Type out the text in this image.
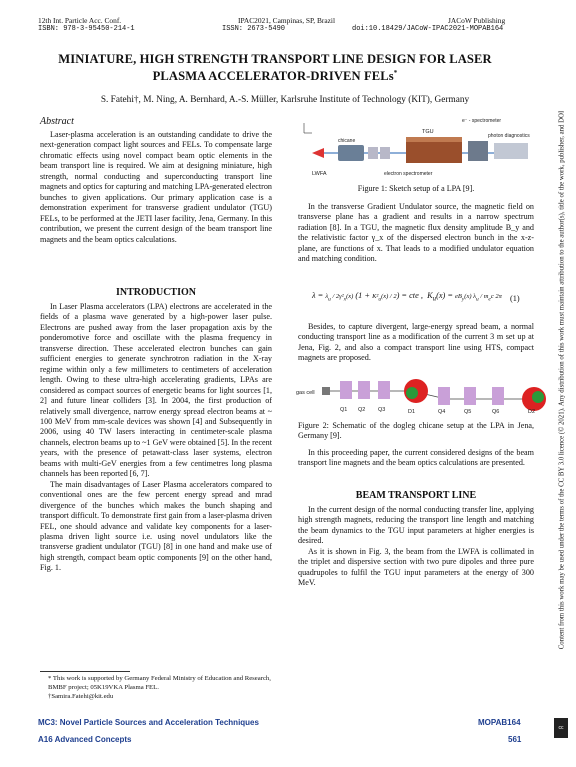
12th Int. Particle Acc. Conf.
ISBN: 978-3-95450-214-1
IPAC2021, Campinas, SP, Brazil
ISSN: 2673-5490
JACoW Publishing
doi:10.18429/JACoW-IPAC2021-MOPAB164
MINIATURE, HIGH STRENGTH TRANSPORT LINE DESIGN FOR LASER
PLASMA ACCELERATOR-DRIVEN FELs*
S. Fatehi†, M. Ning, A. Bernhard, A.-S. Müller, Karlsruhe Institute of Technology (KIT), Germany
Abstract

Laser-plasma acceleration is an outstanding candidate to drive the next-generation compact light sources and FELs. To compensate large chromatic effects using novel compact beam optic elements in the beam transport line is required. We aim at designing miniature, high strength, normal conducting and superconducting transport line magnets and optics for capturing and matching LPA-generated electron bunches to given applications. Our primary application case is a demonstration experiment for transverse gradient undulator (TGU) FELs, to be performed at the JETI laser facility, Jena, Germany. In this contribution, we present the current design of the beam transport line magnets and the beam optics calculations.

INTRODUCTION

In Laser Plasma accelerators (LPA) electrons are accelerated in the fields of a plasma wave generated by a high-power laser pulse. Electrons are pushed away from the laser propagation axis by the ponderomotive force and oscillate with the plasma frequency in transverse direction. These accelerated electron bunches can gain sufficient energies to generate synchrotron radiation in the X-ray regime within only a few millimeters to centimeters of acceleration length. Owing to these ultra-high accelerating gradients, LPAs are considered as compact sources of energetic beams for light sources [1, 2] and future linear colliders [3]. In 2004, the first production of relatively small divergence, narrow energy spread electron beams at ~ 100 MeV from mm-scale devices was shown [4] and Subsequently in 2006, using 40 TW lasers interacting in centimeter-scale plasma channels, electron beams up to ~1 GeV were obtained [5]. In the recent years, with the presence of petawatt-class laser systems, electron beams with multi-GeV energies from a few centimetres long plasma channels has been reported [6, 7].

The main disadvantages of Laser Plasma accelerators compared to conventional ones are the few percent energy spread and mrad divergence of the bunches which makes the bunch shaping and transport difficult. To demonstrate first gain from a laser-plasma driven FEL, one should advance and validate key components for a laser-plasma driven light source i.e. using novel undulators like the transverse gradient undulator (TGU) [8] in one hand and make use of high strength, compact beam optic components [9] on the other hand, Fig. 1.

* This work is supported by Germany Federal Ministry of Education and Research, BMBF project; 05K19VKA Plasma FEL.
†Samira.Fatehi@kit.edu
LWFA
chicane
TGU
e⁻ - spectrometer
photon diagnostics
electron spectrometer
Figure 1: Sketch setup of a LPA [9].

In the transverse Gradient Undulator source, the magnetic field on transverse plane has a gradient and results in a narrow spectrum radiation [8]. In a TGU, the magnetic flux density amplitude B_y and the relativistic factor γ_x of the dispersed electron bunch in the x-z-plane, are functions of x. That leads to a modified undulator equation and matching condition.

$\lambda = \lambda_u / 2\gamma^2_x(x) (1 + K^2_u(x) / 2)$ = cte ,  $K_u(x) = eB_y(x)$ $\lambda_u / m_ec$ 2π (1)

Besides, to capture divergent, large-energy spread beam, a normal conducting transport line as a modification of the current 3 m set up at Jena, Fig. 2, and also a compact transport line using HTS, compact magnets are proposed.

gas cell
Q1 Q2 Q3	D1	Q4	Q5	Q6	D2
Figure 2: Schematic of the dogleg chicane setup at the LPA in Jena, Germany [9].

In this proceeding paper, the current considered designs of the beam transport line magnets and the beam optics calculations are presented.

BEAM TRANSPORT LINE

In the current design of the normal conducting transfer line, applying high strength magnets, reducing the transport line length and matching the beam dynamics to the TGU input parameters at higher energies is desired.

As it is shown in Fig. 3, the beam from the LWFA is collimated in the triplet and dispersive section with two pure dipoles and three pure quadrupoles to fulfil the TGU input parameters at the energy of 300 MeV.

MC3: Novel Particle Sources and Acceleration Techniques
A16 Advanced Concepts
MOPAB164
561
Content from this work may be used under the terms of the CC BY 3.0 licence (© 2021). Any distribution of this work must maintain attribution to the author(s), title of the work, publisher, and DOI
cc
